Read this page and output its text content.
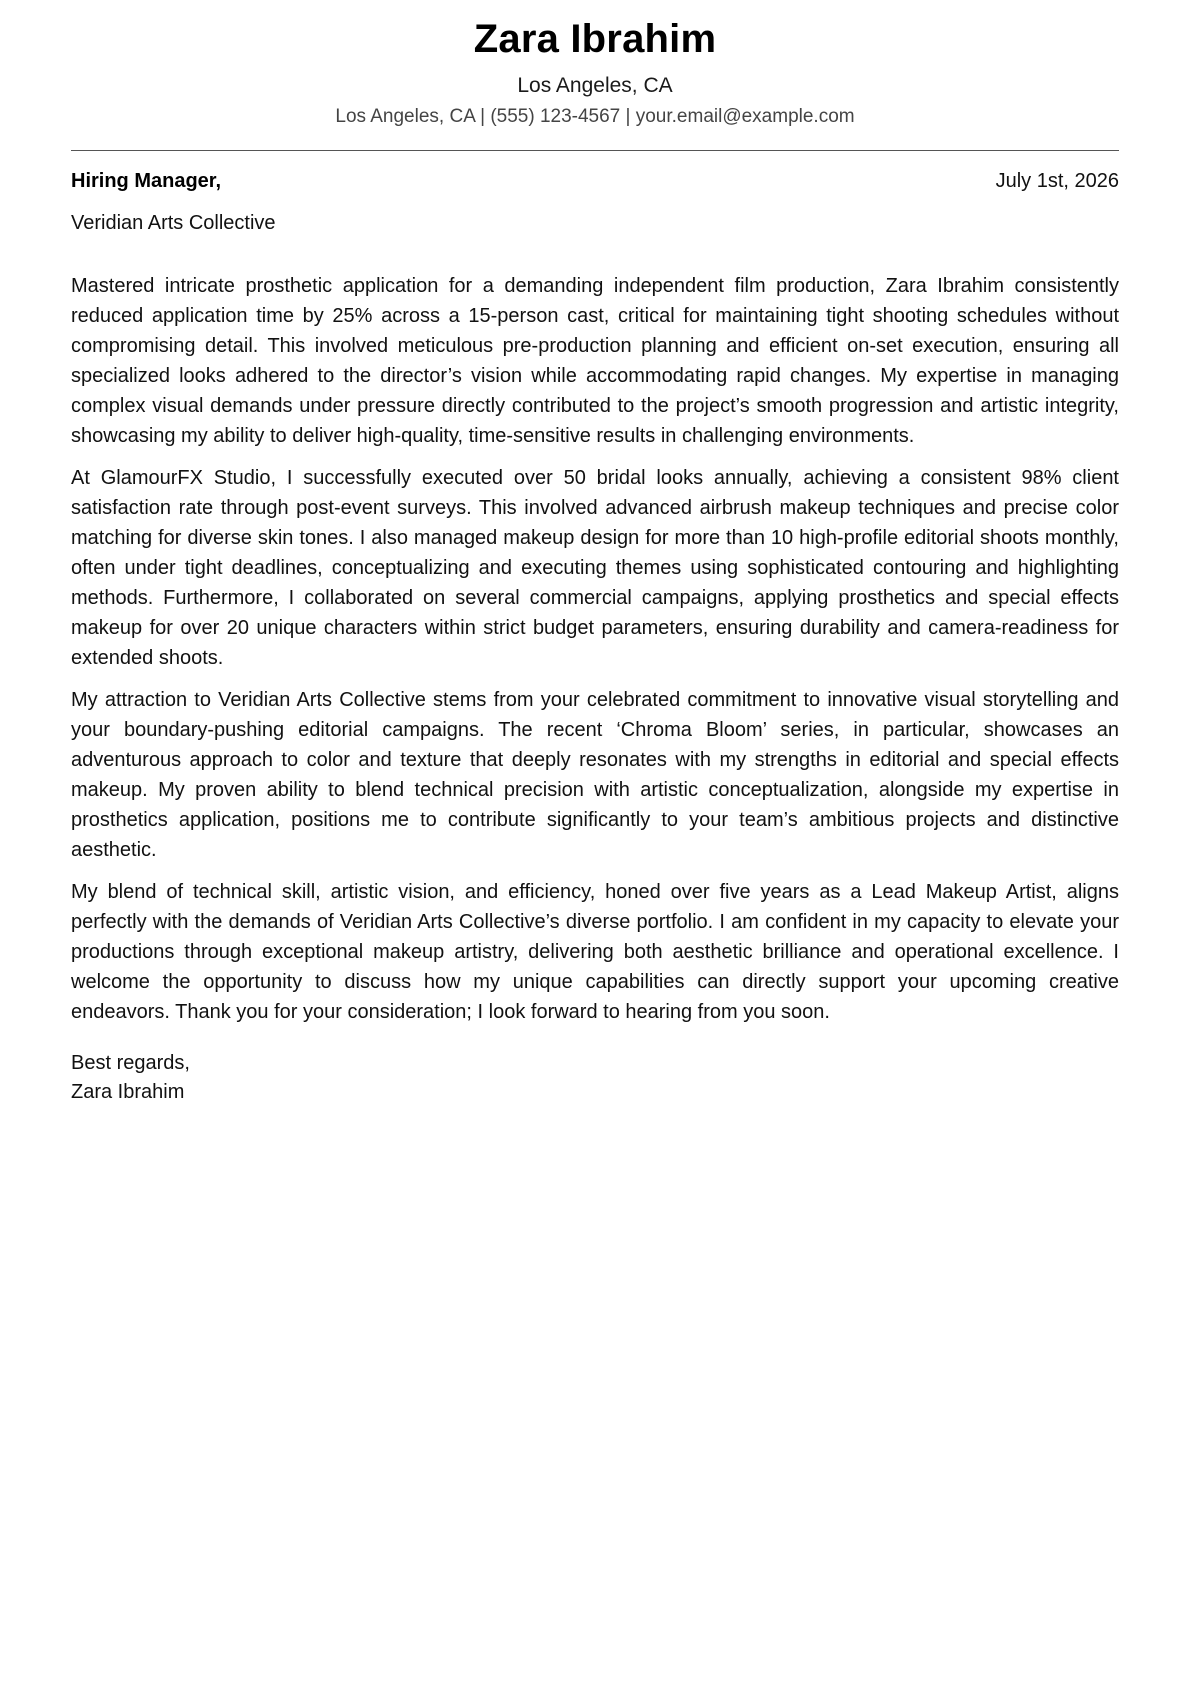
Zara Ibrahim
Los Angeles, CA
Los Angeles, CA | (555) 123-4567 | your.email@example.com
Hiring Manager,	July 1st, 2026
Veridian Arts Collective

Mastered intricate prosthetic application for a demanding independent film production, Zara Ibrahim consistently reduced application time by 25% across a 15-person cast, critical for maintaining tight shooting schedules without compromising detail. This involved meticulous pre-production planning and efficient on-set execution, ensuring all specialized looks adhered to the director’s vision while accommodating rapid changes. My expertise in managing complex visual demands under pressure directly contributed to the project’s smooth progression and artistic integrity, showcasing my ability to deliver high-quality, time-sensitive results in challenging environments.

At GlamourFX Studio, I successfully executed over 50 bridal looks annually, achieving a consistent 98% client satisfaction rate through post-event surveys. This involved advanced airbrush makeup techniques and precise color matching for diverse skin tones. I also managed makeup design for more than 10 high-profile editorial shoots monthly, often under tight deadlines, conceptualizing and executing themes using sophisticated contouring and highlighting methods. Furthermore, I collaborated on several commercial campaigns, applying prosthetics and special effects makeup for over 20 unique characters within strict budget parameters, ensuring durability and camera-readiness for extended shoots.

My attraction to Veridian Arts Collective stems from your celebrated commitment to innovative visual storytelling and your boundary-pushing editorial campaigns. The recent ‘Chroma Bloom’ series, in particular, showcases an adventurous approach to color and texture that deeply resonates with my strengths in editorial and special effects makeup. My proven ability to blend technical precision with artistic conceptualization, alongside my expertise in prosthetics application, positions me to contribute significantly to your team’s ambitious projects and distinctive aesthetic.

My blend of technical skill, artistic vision, and efficiency, honed over five years as a Lead Makeup Artist, aligns perfectly with the demands of Veridian Arts Collective’s diverse portfolio. I am confident in my capacity to elevate your productions through exceptional makeup artistry, delivering both aesthetic brilliance and operational excellence. I welcome the opportunity to discuss how my unique capabilities can directly support your upcoming creative endeavors. Thank you for your consideration; I look forward to hearing from you soon.

Best regards,
Zara Ibrahim
